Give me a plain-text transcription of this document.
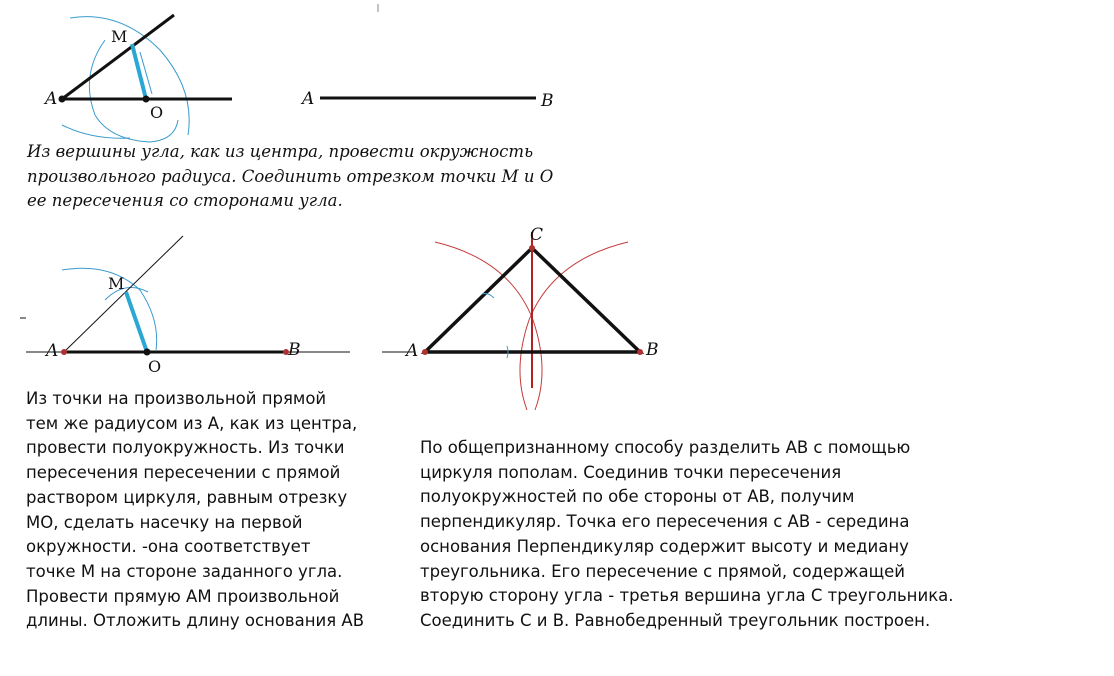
A
M
O
A	B
A
M
O
B	A
C
B

Из вершины угла, как из центра, провести окружность
произвольного радиуса. Соединить отрезком точки М и О
ее пересечения со сторонами угла.

Из точки на произвольной прямой
тем же радиусом из А, как из центра,
провести полуокружность. Из точки
пересечения пересечении с прямой
раствором циркуля, равным отрезку
МО, сделать насечку на первой
окружности. -она соответствует
точке М на стороне заданного угла.
Провести прямую АМ произвольной
длины. Отложить длину основания АВ

По общепризнанному способу разделить АВ с помощью
циркуля пополам. Соединив точки пересечения
полуокружностей по обе стороны от АВ, получим
перпендикуляр. Точка его пересечения с АВ - середина
основания Перпендикуляр содержит высоту и медиану
треугольника. Его пересечение с прямой, содержащей
вторую сторону угла - третья вершина угла С треугольника.
Соединить С и В. Равнобедренный треугольник построен.
